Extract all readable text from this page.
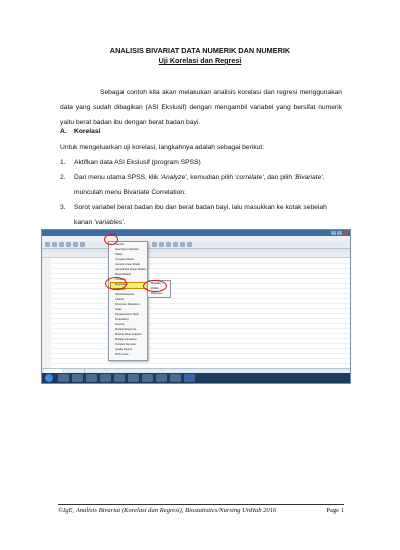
ANALISIS BIVARIAT DATA NUMERIK DAN NUMERIK
Uji Korelasi dan Regresi
Sebagai contoh kita akan melakukan analisis korelasi dan regresi menggunakan data yang sudah dibagikan (ASI Ekslusif) dengan mengambil variabel yang bersifat numerik yaitu berat badan ibu dengan berat badan bayi.
A. Korelasi
Untuk mengeluarkan uji korelasi, langkahnya adalah sebagai berikut:
1.	Aktifkan data ASI Ekslusif (program SPSS)
2.	Dari menu utama SPSS, klik 'Analyze', kemudian pilih 'correlate', dan pilih 'Bivariate', munculah menu Bivariate Correlation:
3.	Sorot variabel berat badan ibu dan berat badan bayi, lalu masukkan ke kotak sebelah kanan 'variables'.
Reports
Descriptive Statistics
Tables
Compare Means
General Linear Model
Generalized Linear Models
Mixed Models
Correlate
Regression
Loglinear
Neural Networks
Classify
Dimension Reduction
Scale
Nonparametric Tests
Forecasting
Survival
Multiple Response
Missing Value Analysis...
Multiple Imputation
Complex Samples
Quality Control
ROC Curve...
Bivariate...
Partial...
Distances...
©IgE, Analisis Bivariat (Korelasi dan Regresi), Biostatistics/Nursing UnHab 2016	Page 1
